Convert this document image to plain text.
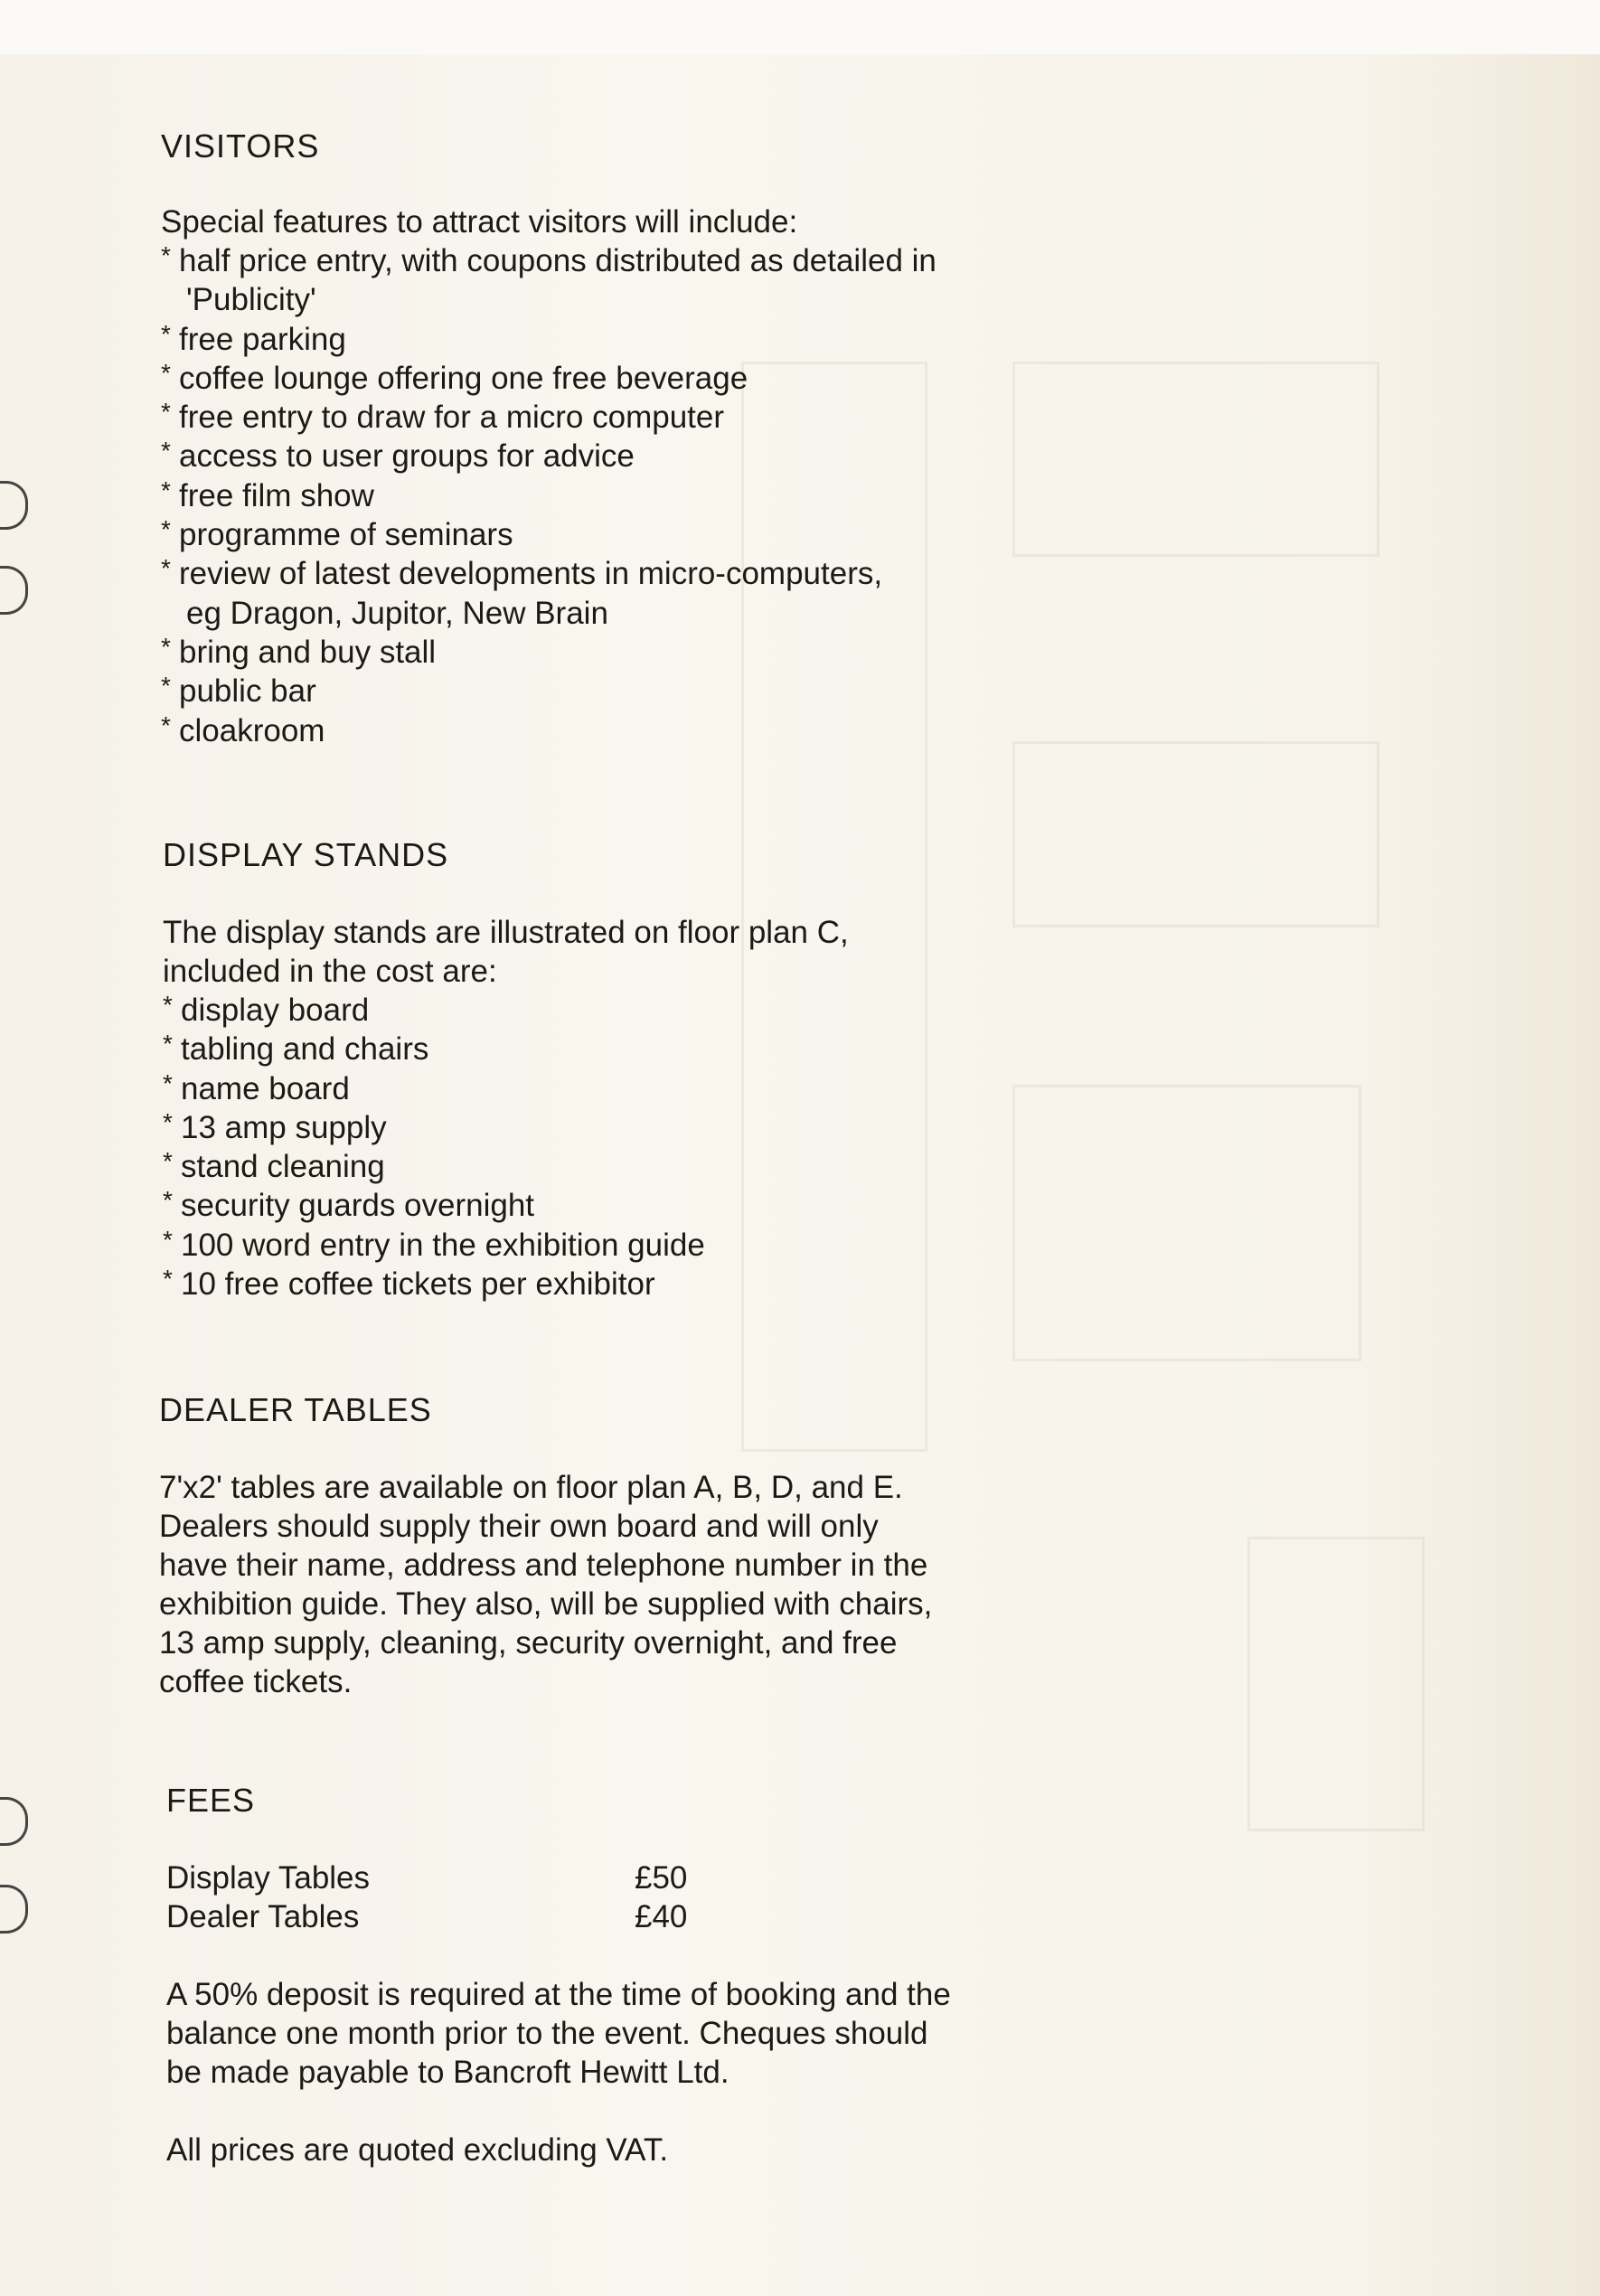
VISITORS

Special features to attract visitors will include:

* half price entry, with coupons distributed as detailed in
'Publicity'
* free parking
* coffee lounge offering one free beverage
* free entry to draw for a micro computer
* access to user groups for advice
* free film show
* programme of seminars
* review of latest developments in micro-computers,
eg Dragon, Jupitor, New Brain
* bring and buy stall
* public bar
* cloakroom
DISPLAY STANDS

The display stands are illustrated on floor plan C,

included in the cost are:

* display board
* tabling and chairs
* name board
* 13 amp supply
* stand cleaning
* security guards overnight
* 100 word entry in the exhibition guide
* 10 free coffee tickets per exhibitor
DEALER TABLES

7'x2' tables are available on floor plan A, B, D, and E.

Dealers should supply their own board and will only

have their name, address and telephone number in the

exhibition guide. They also, will be supplied with chairs,

13 amp supply, cleaning, security overnight, and free

coffee tickets.

FEES
Display Tables	£50
Dealer Tables	£40

A 50% deposit is required at the time of booking and the

balance one month prior to the event. Cheques should

be made payable to Bancroft Hewitt Ltd.

All prices are quoted excluding VAT.
